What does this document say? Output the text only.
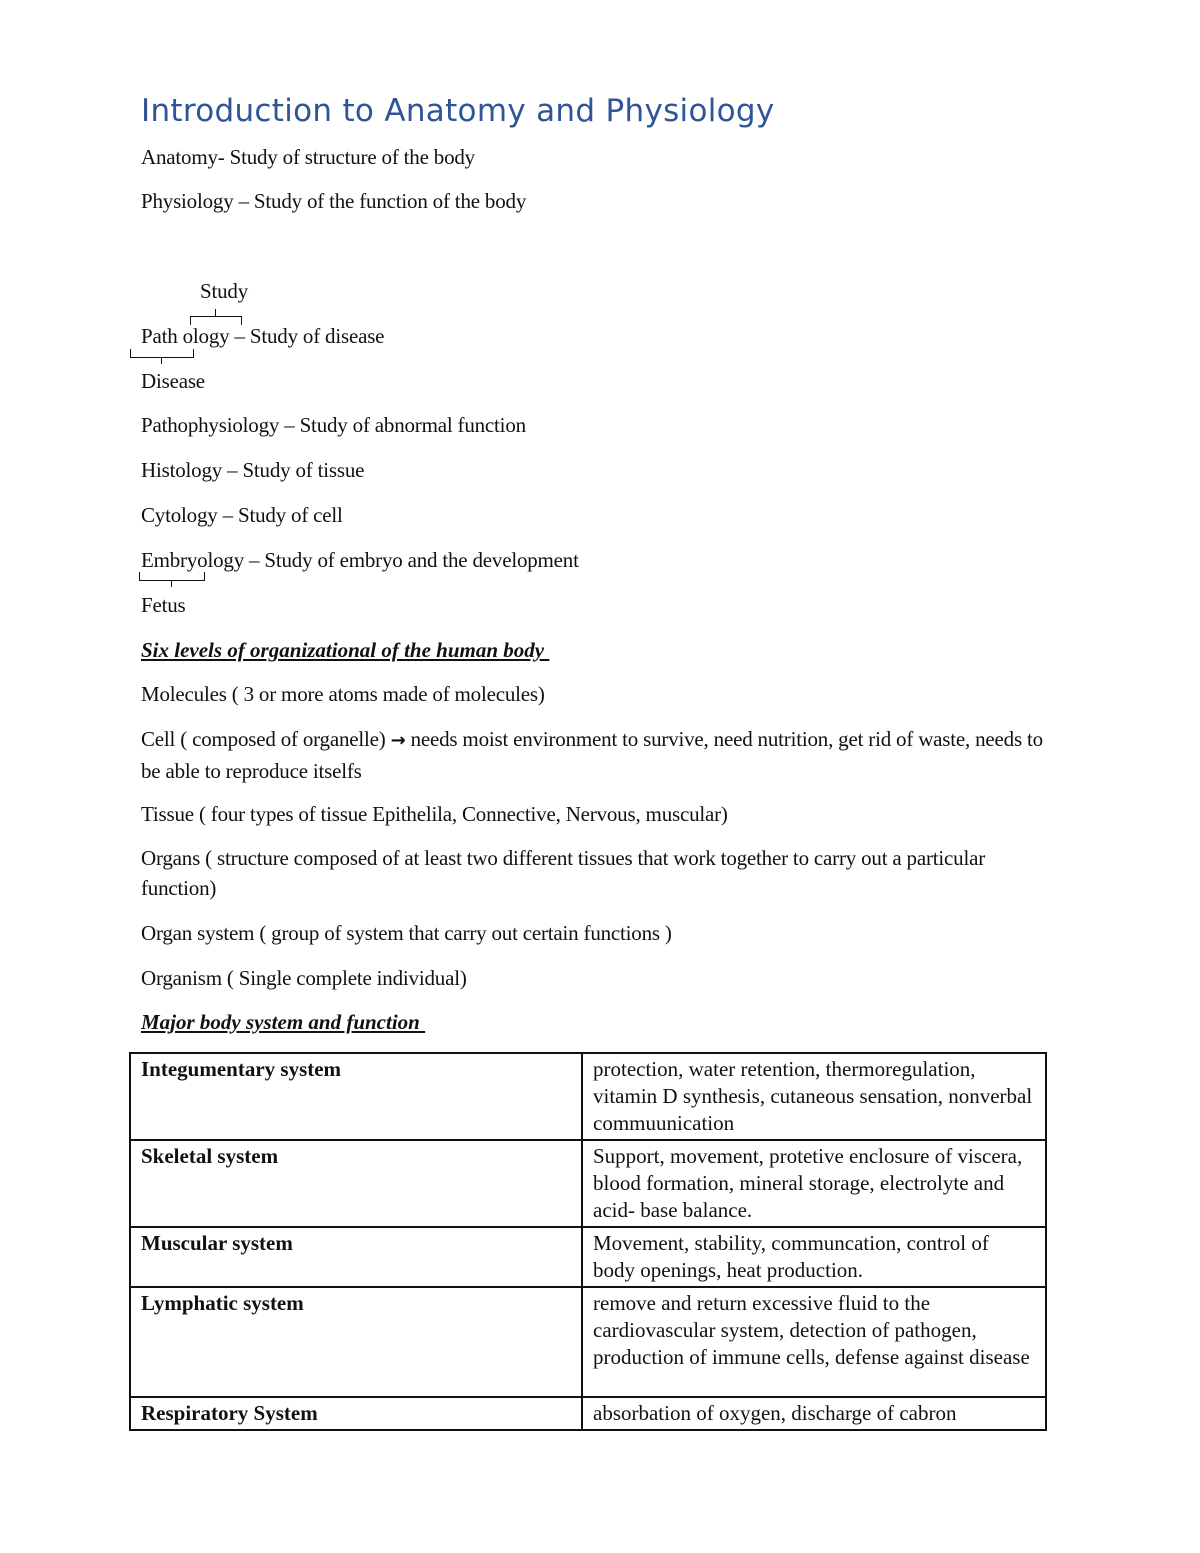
Introduction to Anatomy and Physiology
Anatomy- Study of structure of the body
Physiology – Study of the function of the body
Study
Path ology – Study of disease
Disease
Pathophysiology – Study of abnormal function
Histology – Study of tissue
Cytology – Study of cell
Embryology – Study of embryo and the development
Fetus
Six levels of organizational of the human body
Molecules ( 3 or more atoms made of molecules)
Cell ( composed of organelle) → needs moist environment to survive, need nutrition, get rid of waste, needs to be able to reproduce itselfs
Tissue ( four types of tissue Epithelila, Connective, Nervous, muscular)
Organs ( structure composed of at least two different tissues that work together to carry out a particular function)
Organ system ( group of system that carry out certain functions )
Organism ( Single complete individual)
Major body system and function
Integumentary system	protection, water retention, thermoregulation, vitamin D synthesis, cutaneous sensation, nonverbal commuunication
Skeletal system	Support, movement, protetive enclosure of viscera, blood formation, mineral storage, electrolyte and acid- base balance.
Muscular system	Movement, stability, communcation, control of body openings, heat production.
Lymphatic system	remove and return excessive fluid to the cardiovascular system, detection of pathogen, production of immune cells, defense against disease
Respiratory System	absorbation of oxygen, discharge of cabron
